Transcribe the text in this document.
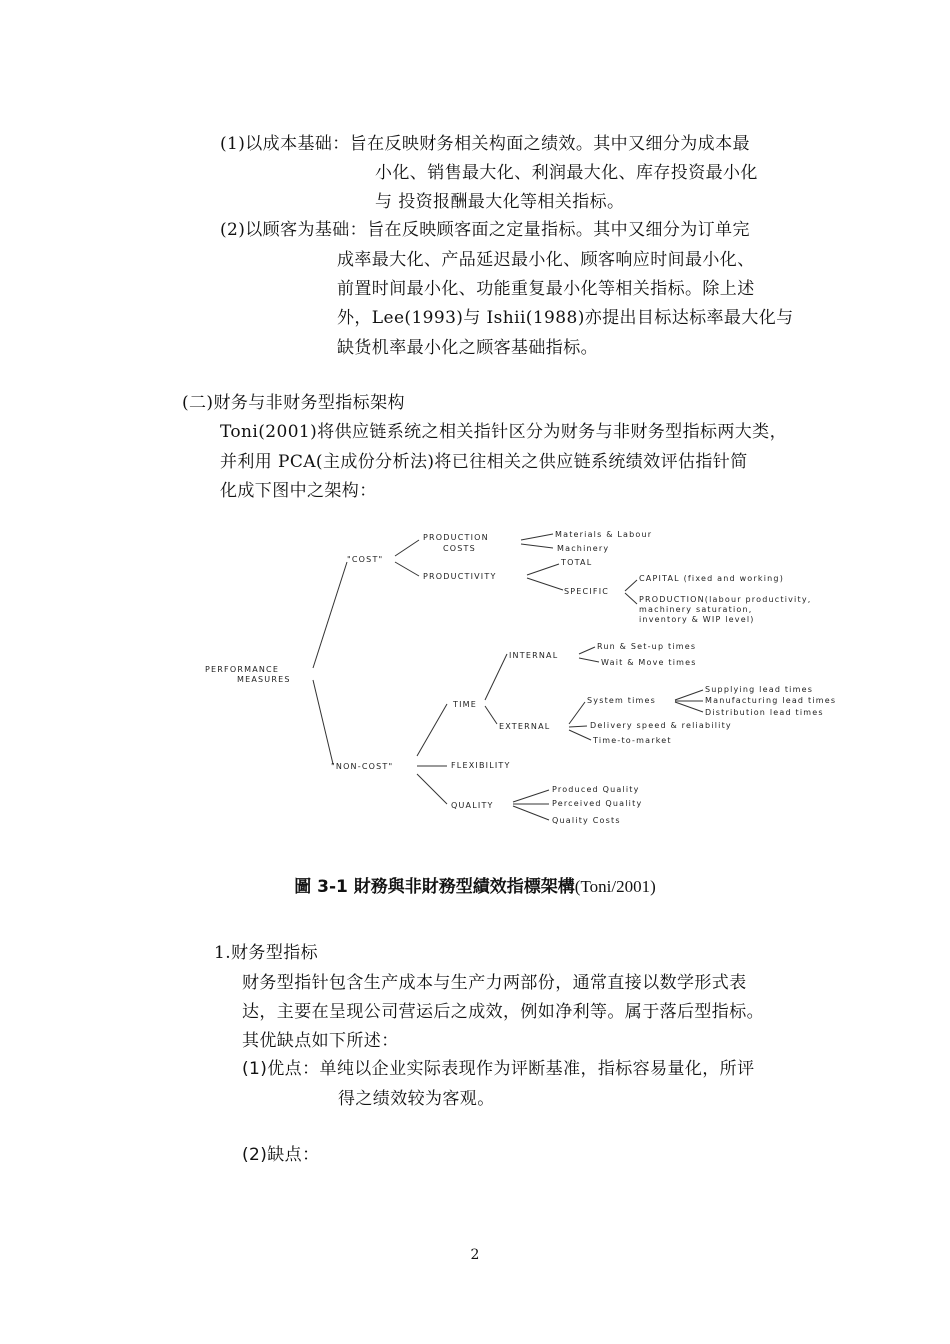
(1)以成本基础：旨在反映财务相关构面之绩效。其中又细分为成本最
小化、销售最大化、利润最大化、库存投资最小化
与 投资报酬最大化等相关指标。
(2)以顾客为基础：旨在反映顾客面之定量指标。其中又细分为订单完
成率最大化、产品延迟最小化、顾客响应时间最小化、
前置时间最小化、功能重复最小化等相关指标。除上述
外，Lee(1993)与 Ishii(1988)亦提出目标达标率最大化与
缺货机率最小化之顾客基础指标。
(二)财务与非财务型指标架构
Toni(2001)将供应链系统之相关指针区分为财务与非财务型指标两大类，
并利用 PCA(主成份分析法)将已往相关之供应链系统绩效评估指针简
化成下图中之架构：
PERFORMANCE
MEASURES
"COST"
PRODUCTION
COSTS
Materials & Labour
Machinery
PRODUCTIVITY
TOTAL
SPECIFIC
CAPITAL (fixed and working)
PRODUCTION(labour productivity,
machinery saturation,
inventory & WIP level)
"NON-COST"
TIME
INTERNAL
Run & Set-up times
Wait & Move times
EXTERNAL
System times
Supplying lead times
Manufacturing lead times
Distribution lead times
Delivery speed & reliability
Time-to-market
FLEXIBILITY
QUALITY
Produced Quality
Perceived Quality
Quality Costs
圖 3-1 財務與非財務型績效指標架構(Toni/2001)
1.财务型指标
财务型指针包含生产成本与生产力两部份，通常直接以数学形式表
达，主要在呈现公司营运后之成效，例如净利等。属于落后型指标。
其优缺点如下所述：
(1)优点：单纯以企业实际表现作为评断基准，指标容易量化，所评
得之绩效较为客观。
(2)缺点：
2
